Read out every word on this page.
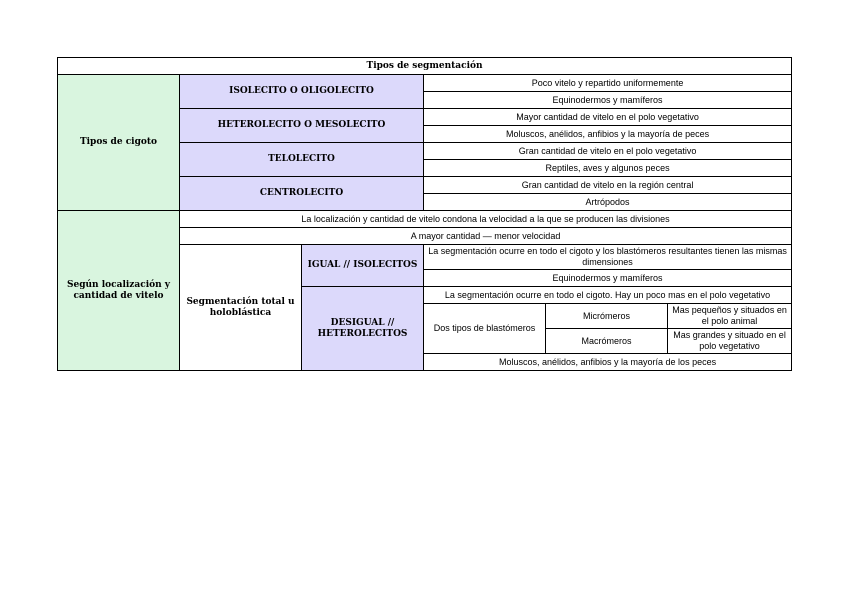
Tipos de segmentación					
Tipos de cigoto	ISOLECITO O OLIGOLECITO		Poco vitelo y repartido uniformemente		
			Equinodermos y mamíferos		
	HETEROLECITO O MESOLECITO		Mayor cantidad de vitelo en el polo vegetativo		
			Moluscos, anélidos, anfibios y la mayoría de peces		
	TELOLECITO		Gran cantidad de vitelo en el polo vegetativo		
			Reptiles, aves y algunos peces		
	CENTROLECITO		Gran cantidad de vitelo en la región central		
			Artrópodos		
Según localización y cantidad de vitelo	La localización y cantidad de vitelo condona la velocidad a la que se producen las divisiones				
	A mayor cantidad — menor velocidad				
	Segmentación total u holoblástica	IGUAL // ISOLECITOS	La segmentación ocurre en todo el cigoto y los blastómeros resultantes tienen las mismas dimensiones		
			Equinodermos y mamíferos		
		DESIGUAL // HETEROLECITOS	La segmentación ocurre en todo el cigoto. Hay un poco mas en el polo vegetativo		
			Dos tipos de blastómeros	Micrómeros	Mas pequeños y situados en el polo animal

				Macrómeros	Mas grandes y situado en el polo vegetativo
			Moluscos, anélidos, anfibios y la mayoría de los peces		
